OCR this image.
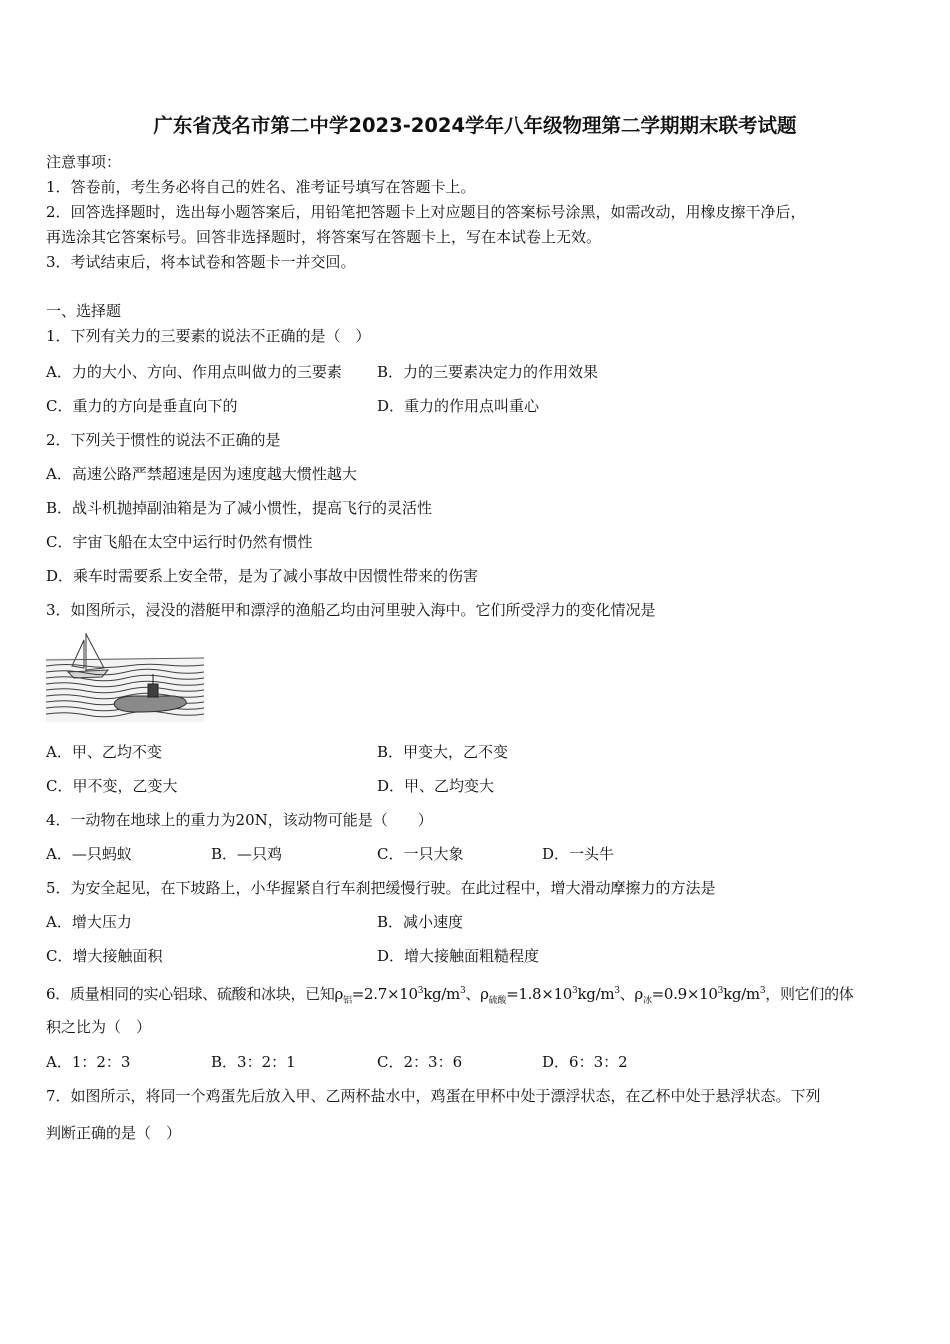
广东省茂名市第二中学2023-2024学年八年级物理第二学期期末联考试题
注意事项：
1．答卷前，考生务必将自己的姓名、准考证号填写在答题卡上。
2．回答选择题时，选出每小题答案后，用铅笔把答题卡上对应题目的答案标号涂黑，如需改动，用橡皮擦干净后，
再选涂其它答案标号。回答非选择题时，将答案写在答题卡上，写在本试卷上无效。
3．考试结束后，将本试卷和答题卡一并交回。
一、选择题
1．下列有关力的三要素的说法不正确的是（　）
A．力的大小、方向、作用点叫做力的三要素 B．力的三要素决定力的作用效果
C．重力的方向是垂直向下的	D．重力的作用点叫重心
2．下列关于惯性的说法不正确的是
A．高速公路严禁超速是因为速度越大惯性越大
B．战斗机抛掉副油箱是为了减小惯性，提高飞行的灵活性
C．宇宙飞船在太空中运行时仍然有惯性
D．乘车时需要系上安全带，是为了减小事故中因惯性带来的伤害
3．如图所示，浸没的潜艇甲和漂浮的渔船乙均由河里驶入海中。它们所受浮力的变化情况是
A．甲、乙均不变	B．甲变大，乙不变
C．甲不变，乙变大	D．甲、乙均变大
4．一动物在地球上的重力为20N，该动物可能是（　　）
A．—只蚂蚁	B．—只鸡	C．一只大象	D．一头牛
5．为安全起见，在下坡路上，小华握紧自行车刹把缓慢行驶。在此过程中，增大滑动摩擦力的方法是
A．增大压力	B．减小速度
C．增大接触面积	D．增大接触面粗糙程度
6．质量相同的实心铝球、硫酸和冰块，已知$\rho_铝=2.7\times 10^3kg/m^3$、$\rho_{硫酸}=1.8\times 10^3kg/m^3$、$\rho_冰=0.9\times 10^3kg/m^3$，则它们的体
积之比为（　）
A．1：2：3	B．3：2：1	C．2：3：6	D．6：3：2
7．如图所示，将同一个鸡蛋先后放入甲、乙两杯盐水中，鸡蛋在甲杯中处于漂浮状态，在乙杯中处于悬浮状态。下列
判断正确的是（　）
